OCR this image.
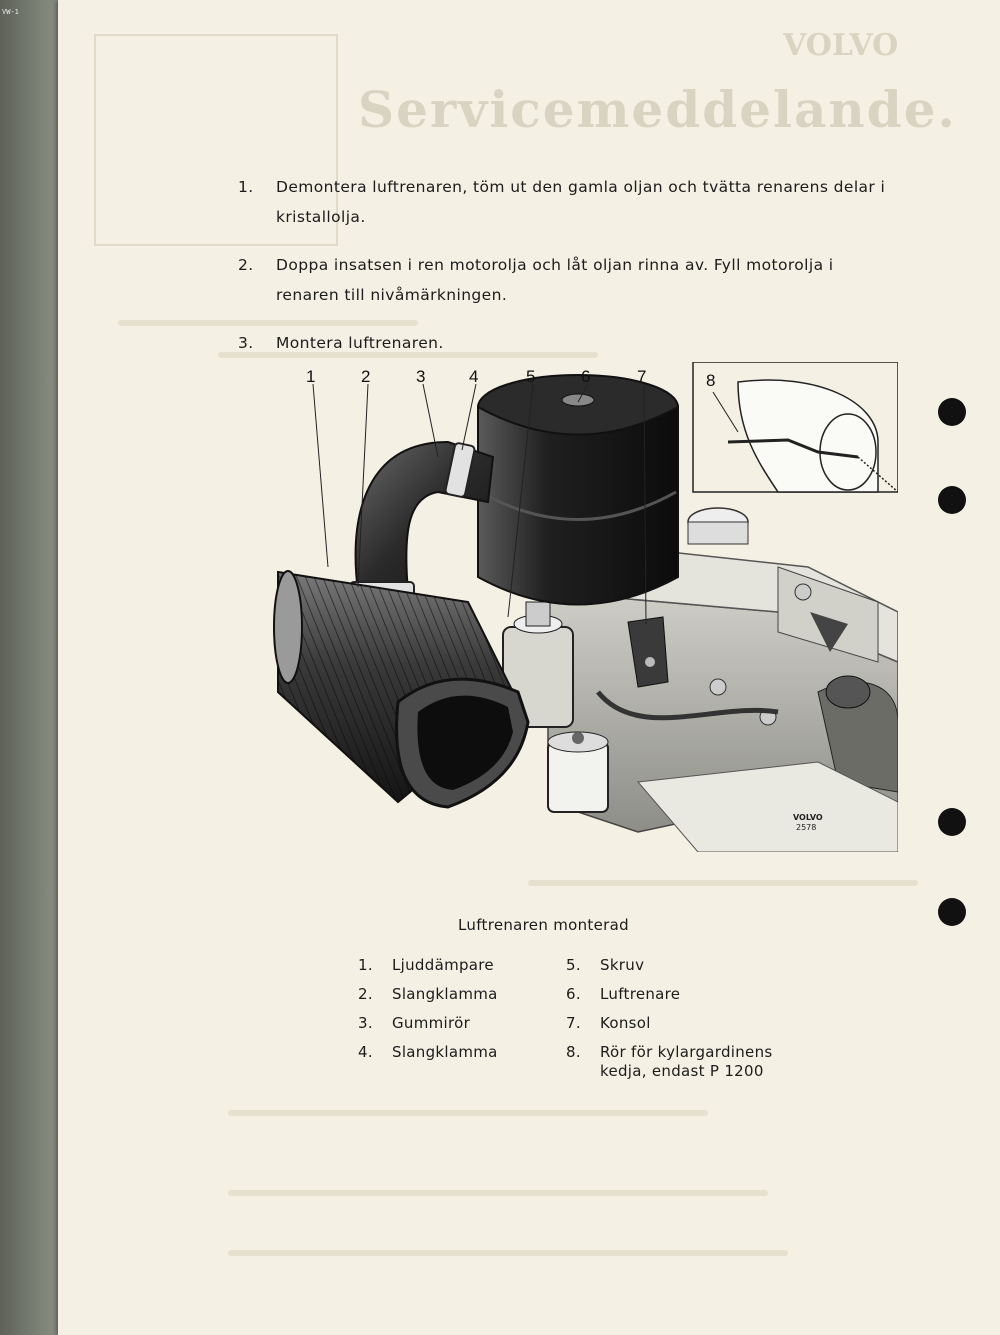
VW-1
VOLVO
Servicemeddelande.
1.	Demontera luftrenaren, töm ut den gamla oljan och tvätta renarens delar i kristallolja.
2.	Doppa insatsen i ren motorolja och låt oljan rinna av. Fyll motorolja i renaren till nivåmärkningen.
3.	Montera luftrenaren.
1	2	3	4	5	6	7	8
VOLVO
2578
Luftrenaren monterad
1.	Ljuddämpare
2.	Slangklamma
3.	Gummirör
4.	Slangklamma
5.	Skruv
6.	Luftrenare
7.	Konsol
8.	Rör för kylargardinens
kedja, endast P 1200
